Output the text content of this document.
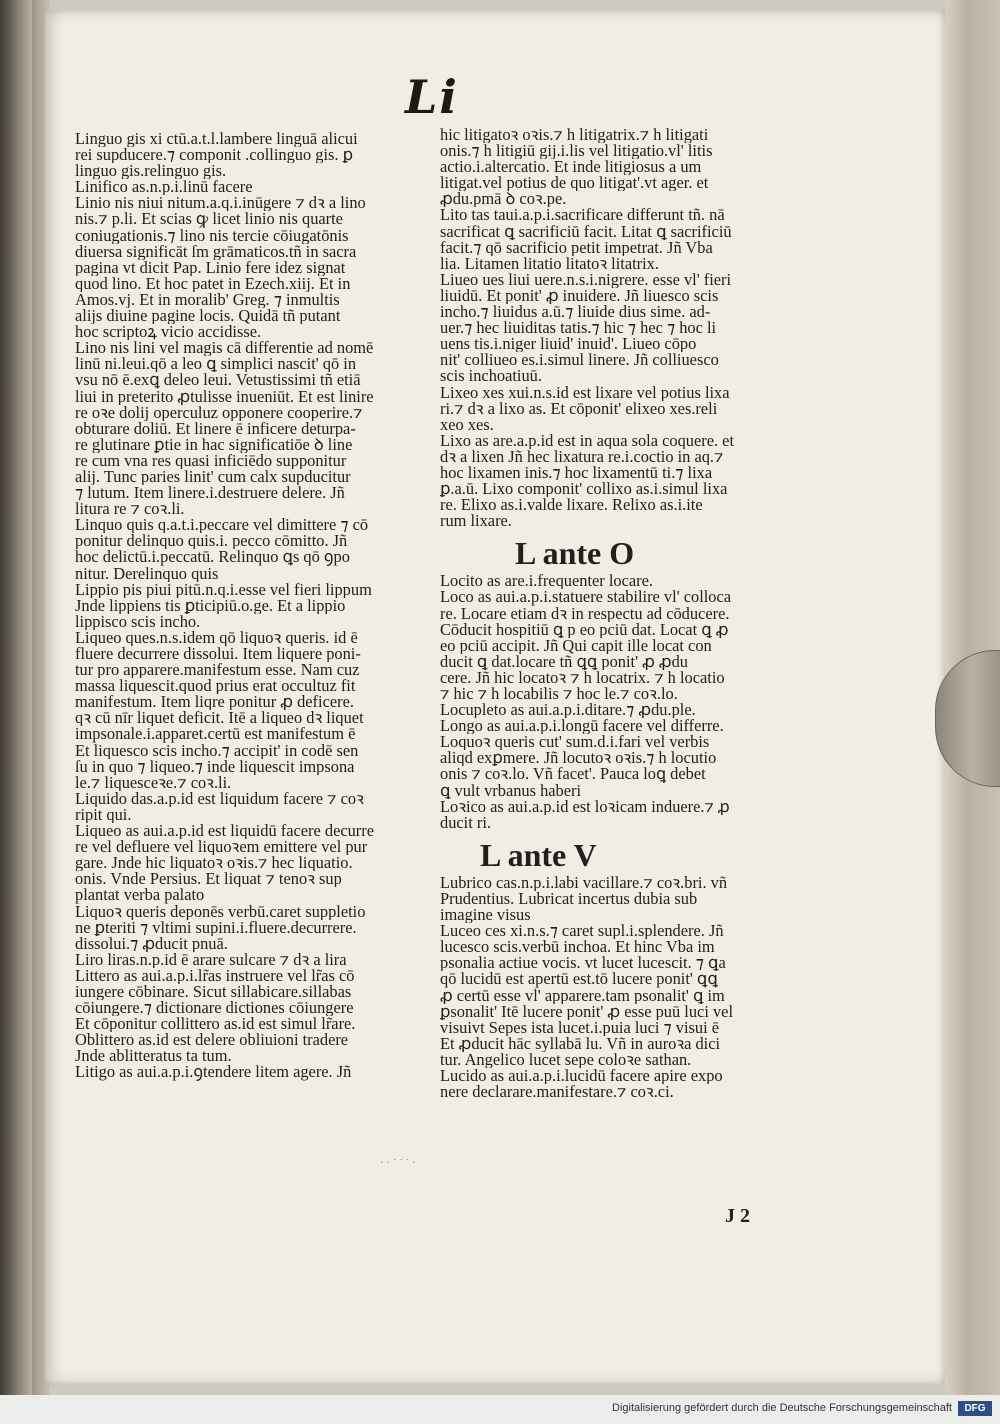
Li
Linguo gis xi ctū.a.t.l.lambere linguā alicui
rei supducere.⁊ componit .collinguo gis. ꝑ
linguo gis.relinguo gis.
Linifico as.n.p.i.linū facere
Linio nis niui nitum.a.q.i.inūgere ⁊ dꝛ a lino
nis.⁊ p.li. Et scias ꝙ licet linio nis quarte
coniugationis.⁊ lino nis tercie cōiugatōnis
diuersa significāt ſm grāmaticos.tñ in sacra
pagina vt dicit Pap. Linio fere idez signat
quod lino. Et hoc patet in Ezech.xiij. Et in
Amos.vj. Et in moralib' Greg. ⁊ inmultis
alijs diuine pagine locis. Quidā tñ putant
hoc scriptoꝝ vicio accidisse.
Lino nis lini vel magis cā differentie ad nomē
linū ni.leui.qō a leo ꝗ simplici nascit' qō in
vsu nō ē.exꝗ deleo leui. Vetustissimi tñ etiā
liui in preterito ꝓtulisse inueniūt. Et est linire
re oꝛe dolij operculuz opponere cooperire.⁊
obturare doliū. Et linere ē inficere deturpa-
re glutinare ꝑtie in hac significatiōe ꝺ line
re cum vna res quasi inficiēdo supponitur
alij. Tunc paries linit' cum calx supducitur
⁊ lutum. Item linere.i.destruere delere. Jñ
litura re ⁊ coꝛ.li.
Linquo quis q.a.t.i.peccare vel dimittere ⁊ cō
ponitur delinquo quis.i. pecco cōmitto. Jñ
hoc delictū.i.peccatū. Relinquo ꝗs qō ꝯpo
nitur. Derelinquo quis
Lippio pis piui pitū.n.q.i.esse vel fieri lippum
Jnde lippiens tis ꝑticipiū.o.ge. Et a lippio
lippisco scis incho.
Liqueo ques.n.s.idem qō liquoꝛ queris. id ē
fluere decurrere dissolui. Item liquere poni-
tur pro apparere.manifestum esse. Nam cuz
massa liquescit.quod prius erat occultuz fit
manifestum. Item liqre ponitur ꝓ deficere.
qꝛ cū nīr liquet deficit. Itē a liqueo dꝛ liquet
impsonale.i.apparet.certū est manifestum ē
Et liquesco scis incho.⁊ accipit' in codē sen
ſu in quo ⁊ liqueo.⁊ inde liquescit impsona
le.⁊ liquesceꝛe.⁊ coꝛ.li.
Liquido das.a.p.id est liquidum facere ⁊ coꝛ
ripit qui.
Liqueo as aui.a.p.id est liquidū facere decurre
re vel defluere vel liquoꝛem emittere vel pur
gare. Jnde hic liquatoꝛ oꝛis.⁊ hec liquatio.
onis. Vnde Persius. Et liquat ⁊ tenoꝛ sup
plantat verba palato
Liquoꝛ queris deponēs verbū.caret suppletio
ne ꝑteriti ⁊ vltimi supini.i.fluere.decurrere.
dissolui.⁊ ꝓducit pnuā.
Liro liras.n.p.id ē arare sulcare ⁊ dꝛ a lira
Littero as aui.a.p.i.lr̃as instruere vel lr̃as cō
iungere cōbinare. Sicut sillabicare.sillabas
cōiungere.⁊ dictionare dictiones cōiungere
Et cōponitur collittero as.id est simul lr̃are.
Oblittero as.id est delere obliuioni tradere
Jnde ablitteratus ta tum.
Litigo as aui.a.p.i.ꝯtendere litem agere. Jñ
hic litigatoꝛ oꝛis.⁊ h̄ litigatrix.⁊ h̄ litigati
onis.⁊ h̄ litigiū gij.i.lis vel litigatio.vl' litis
actio.i.altercatio. Et inde litigiosus a um
litigat.vel potius de quo litigat'.vt ager. et
ꝓdu.pmā ꝺ coꝛ.pe.
Lito tas taui.a.p.i.sacrificare differunt tñ. nā
sacrificat ꝗ sacrificiū facit. Litat ꝗ sacrificiū
facit.⁊ qō sacrificio petit impetrat. Jñ Vba
lia. Litamen litatio litatoꝛ litatrix.
Liueo ues liui uere.n.s.i.nigrere. esse vl' fieri
liuidū. Et ponit' ꝓ inuidere. Jñ liuesco scis
incho.⁊ liuidus a.ū.⁊ liuide dius sime. ad-
uer.⁊ hec liuiditas tatis.⁊ hic ⁊ hec ⁊ hoc li
uens tis.i.niger liuid' inuid'. Liueo cōpo
nit' colliueo es.i.simul linere. Jñ colliuesco
scis inchoatiuū.
Lixeo xes xui.n.s.id est lixare vel potius lixa
ri.⁊ dꝛ a lixo as. Et cōponit' elixeo xes.reli
xeo xes.
Lixo as are.a.p.id est in aqua sola coquere. et
dꝛ a lixen Jñ hec lixatura re.i.coctio in aq.⁊
hoc lixamen inis.⁊ hoc lixamentū ti.⁊ lixa
ꝑ.a.ū. Lixo componit' collixo as.i.simul lixa
re. Elixo as.i.valde lixare. Relixo as.i.ite
rum lixare.
L ante O
Locito as are.i.frequenter locare.
Loco as aui.a.p.i.statuere stabilire vl' colloca
re. Locare etiam dꝛ in respectu ad cōducere.
Cōducit hospitiū ꝗ p eo pciū dat. Locat ꝗ ꝓ
eo pciū accipit. Jñ Qui capit ille locat con
ducit ꝗ dat.locare tñ ꝗꝗ ponit' ꝓ ꝓdu
cere. Jñ hic locatoꝛ ⁊ h̄ locatrix. ⁊ h̄ locatio
⁊ hic ⁊ h̄ locabilis ⁊ hoc le.⁊ coꝛ.lo.
Locupleto as aui.a.p.i.ditare.⁊ ꝓdu.ple.
Longo as aui.a.p.i.longū facere vel differre.
Loquoꝛ queris cut' sum.d.i.fari vel verbis
aliqd exꝑmere. Jñ locutoꝛ oꝛis.⁊ h̄ locutio
onis ⁊ coꝛ.lo. Vñ facet'. Pauca loꝗ debet
ꝗ vult vrbanus haberi
Loꝛico as aui.a.p.id est loꝛicam induere.⁊ ꝓ
ducit ri.
L ante V
Lubrico cas.n.p.i.labi vacillare.⁊ coꝛ.bri. vñ
Prudentius. Lubricat incertus dubia sub
imagine visus
Luceo ces xi.n.s.⁊ caret supl.i.splendere. Jñ
lucesco scis.verbū inchoa. Et hinc Vba im
psonalia actiue vocis. vt lucet lucescit. ⁊ ꝗa
qō lucidū est apertū est.tō lucere ponit' ꝗꝗ
ꝓ certū esse vl' apparere.tam psonalit' ꝗ im
ꝑsonalit' Itē lucere ponit' ꝓ esse puū luci vel
visuivt Sepes ista lucet.i.puia luci ⁊ visui ē
Et ꝓducit hāc syllabā lu. Vñ in auroꝛa dici
tur. Angelico lucet sepe coloꝛe sathan.
Lucido as aui.a.p.i.lucidū facere apire expo
nere declarare.manifestare.⁊ coꝛ.ci.
· · ˙ ˙ ˙ ·
J 2
Digitalisierung gefördert durch die Deutsche Forschungsgemeinschaft	DFG
